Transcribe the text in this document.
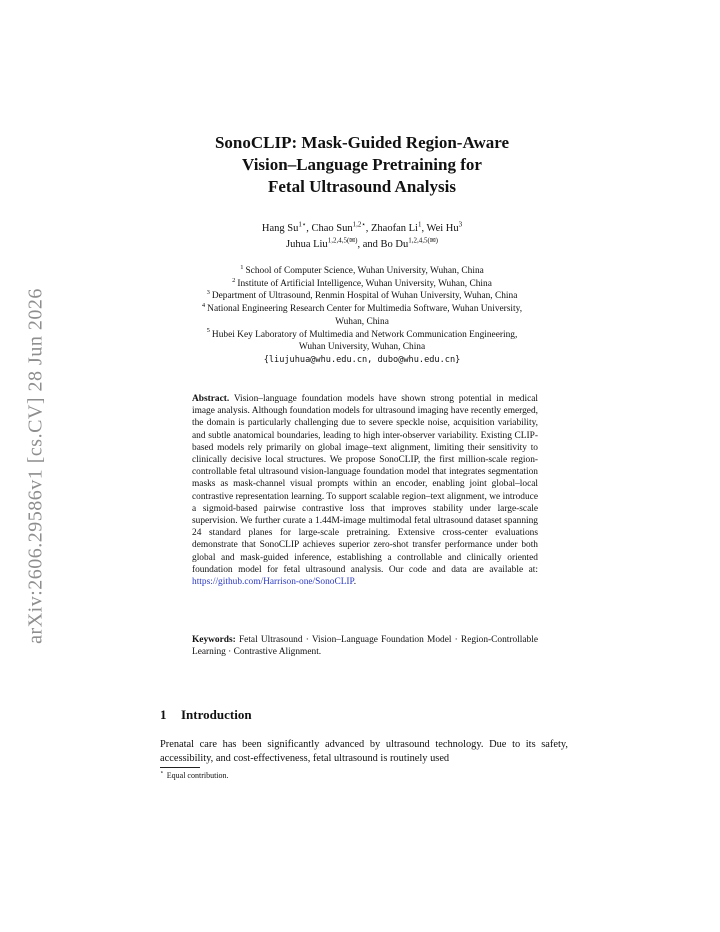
arXiv:2606.29586v1 [cs.CV] 28 Jun 2026
SonoCLIP: Mask-Guided Region-Aware
Vision–Language Pretraining for
Fetal Ultrasound Analysis
Hang $Su^{1⋆}$, Chao Sun$^{1,2⋆}$, Zhaofan Li$^1$, Wei Hu$^3$
Juhua Liu$^{1,2,4,5(✉)}$, and Bo $Du^{1,2,4,5(✉)}$
$^1$ School of Computer Science, Wuhan University, Wuhan, China
$^2$ Institute of Artificial Intelligence, Wuhan University, Wuhan, China
$^3$ Department of Ultrasound, Renmin Hospital of Wuhan University, Wuhan, China
$^4$ National Engineering Research Center for Multimedia Software, Wuhan University,
Wuhan, China
$^5$ Hubei Key Laboratory of Multimedia and Network Communication Engineering,
Wuhan University, Wuhan, China
{liujuhua@whu.edu.cn, dubo@whu.edu.cn}
Abstract. Vision–language foundation models have shown strong potential in medical image analysis. Although foundation models for ultrasound imaging have recently emerged, the domain is particularly challenging due to severe speckle noise, acquisition variability, and subtle anatomical boundaries, leading to high inter-observer variability. Existing CLIP-based models rely primarily on global image–text alignment, limiting their sensitivity to clinically decisive local structures. We propose SonoCLIP, the first million-scale region-controllable fetal ultrasound vision-language foundation model that integrates segmentation masks as mask-channel visual prompts within an encoder, enabling joint global–local contrastive representation learning. To support scalable region–text alignment, we introduce a sigmoid-based pairwise contrastive loss that improves stability under large-scale supervision. We further curate a 1.44M-image multimodal fetal ultrasound dataset spanning 24 standard planes for large-scale pretraining. Extensive cross-center evaluations demonstrate that SonoCLIP achieves superior zero-shot transfer performance under both global and mask-guided inference, establishing a controllable and clinically oriented foundation model for fetal ultrasound analysis. Our code and data are available at: https://github.com/Harrison-one/SonoCLIP.
Keywords: Fetal Ultrasound · Vision–Language Foundation Model · Region-Controllable Learning · Contrastive Alignment.
1 Introduction
Prenatal care has been significantly advanced by ultrasound technology. Due to its safety, accessibility, and cost-effectiveness, fetal ultrasound is routinely used
⋆ Equal contribution.
